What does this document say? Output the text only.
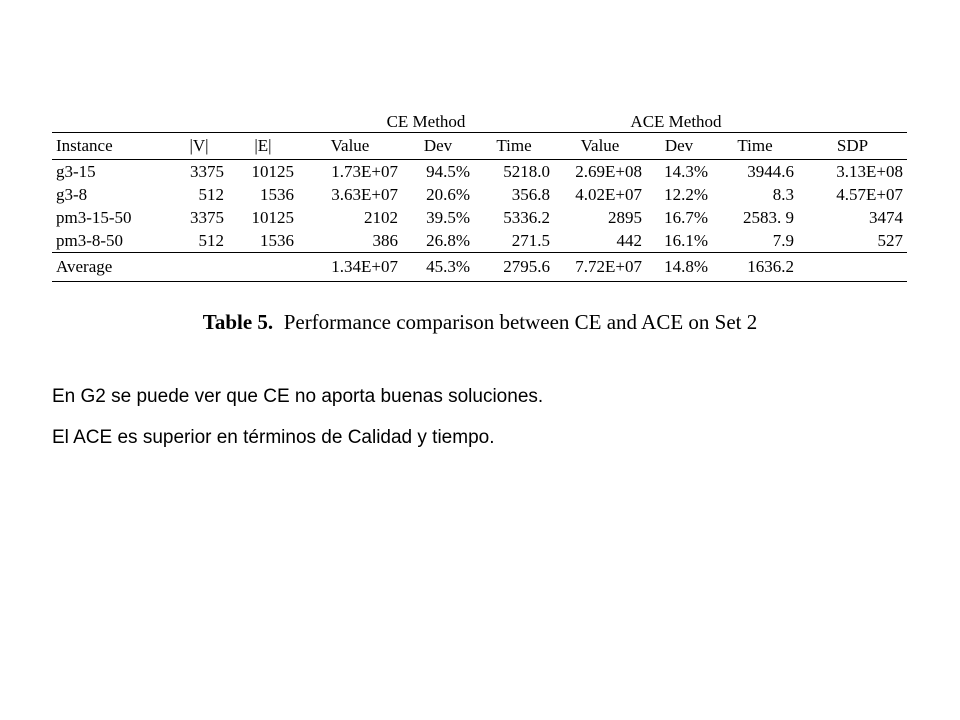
			CE Method			ACE Method			
Instance	|V|	|E|	Value	Dev	Time	Value	Dev	Time	SDP
g3-15	3375	10125	1.73E+07	94.5%	5218.0	2.69E+08	14.3%	3944.6	3.13E+08
g3-8	512	1536	3.63E+07	20.6%	356.8	4.02E+07	12.2%	8.3	4.57E+07
pm3-15-50	3375	10125	2102	39.5%	5336.2	2895	16.7%	2583. 9	3474
pm3-8-50	512	1536	386	26.8%	271.5	442	16.1%	7.9	527
Average			1.34E+07	45.3%	2795.6	7.72E+07	14.8%	1636.2	
Table 5. Performance comparison between CE and ACE on Set 2
En G2 se puede ver que CE no aporta buenas soluciones.
El ACE es superior en términos de Calidad y tiempo.
